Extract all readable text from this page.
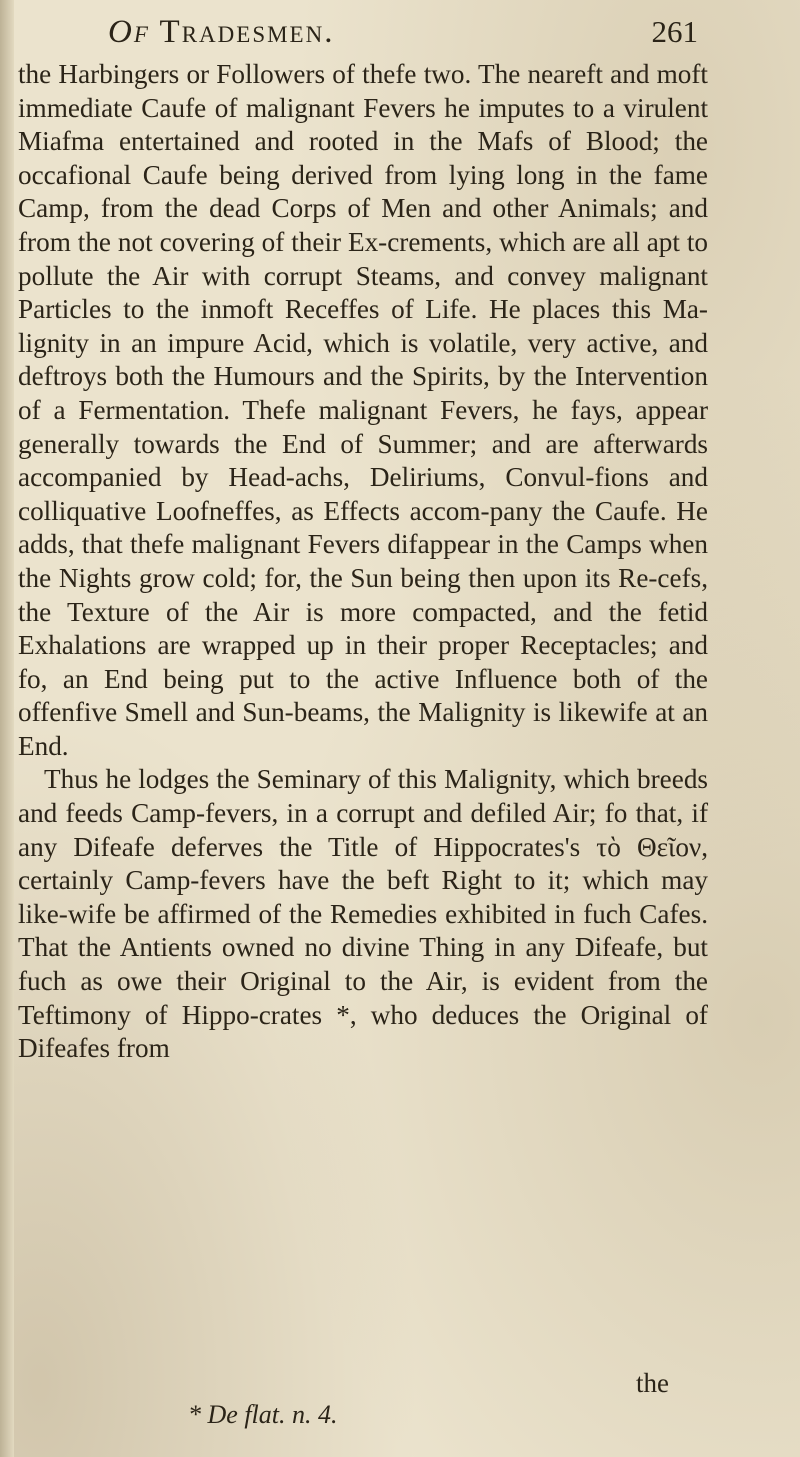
Of Tradesmen.	261

the Harbingers or Followers of thefe two. The neareft and moft immediate Caufe of malignant Fevers he imputes to a virulent Miafma entertained and rooted in the Mafs of Blood; the occafional Caufe being derived from lying long in the fame Camp, from the dead Corps of Men and other Animals; and from the not covering of their Ex-crements, which are all apt to pollute the Air with corrupt Steams, and convey malignant Particles to the inmoft Receffes of Life. He places this Ma-lignity in an impure Acid, which is volatile, very active, and deftroys both the Humours and the Spirits, by the Intervention of a Fermentation. Thefe malignant Fevers, he fays, appear generally towards the End of Summer; and are afterwards accompanied by Head-achs, Deliriums, Convul-fions and colliquative Loofneffes, as Effects accom-pany the Caufe. He adds, that thefe malignant Fevers difappear in the Camps when the Nights grow cold; for, the Sun being then upon its Re-cefs, the Texture of the Air is more compacted, and the fetid Exhalations are wrapped up in their proper Receptacles; and fo, an End being put to the active Influence both of the offenfive Smell and Sun-beams, the Malignity is likewife at an End.

Thus he lodges the Seminary of this Malignity, which breeds and feeds Camp-fevers, in a corrupt and defiled Air; fo that, if any Difeafe deferves the Title of Hippocrates's τὸ Θεῖον, certainly Camp-fevers have the beft Right to it; which may like-wife be affirmed of the Remedies exhibited in fuch Cafes. That the Antients owned no divine Thing in any Difeafe, but fuch as owe their Original to the Air, is evident from the Teftimony of Hippo-crates *, who deduces the Original of Difeafes from

the
* De flat. n. 4.
